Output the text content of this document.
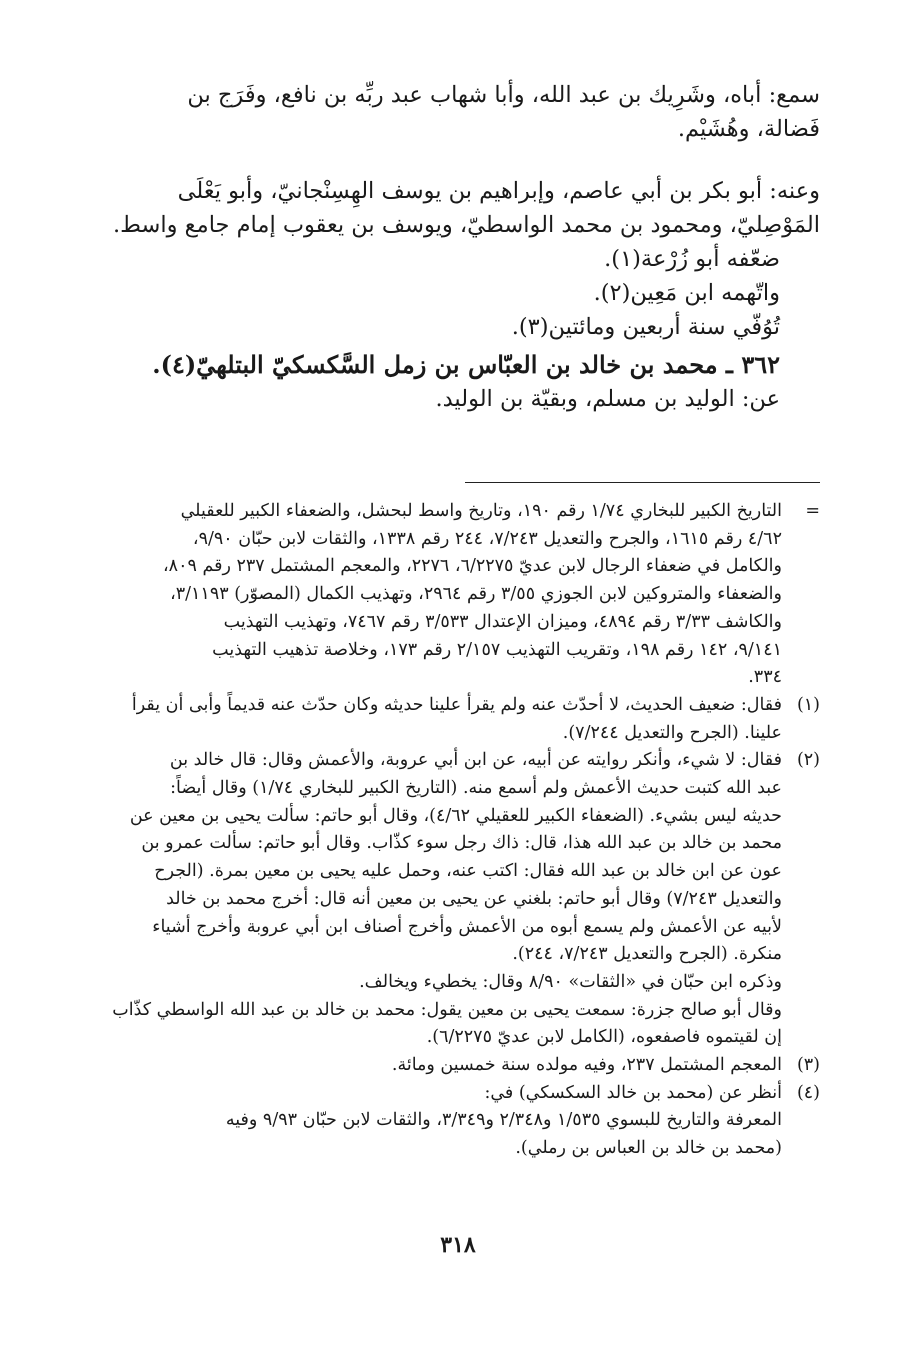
سمع: أباه، وشَرِيك بن عبد الله، وأبا شهاب عبد ربِّه بن نافع، وفَرَج بن
فَضالة، وهُشَيْم.

وعنه: أبو بكر بن أبي عاصم، وإبراهيم بن يوسف الهِسِنْجانيّ، وأبو يَعْلَى
المَوْصِليّ، ومحمود بن محمد الواسطيّ، ويوسف بن يعقوب إمام جامع واسط.

ضعّفه أبو زُرْعة(١).

واتّهمه ابن مَعِين(٢).

تُوُفّي سنة أربعين ومائتين(٣).

٣٦٢ ـ محمد بن خالد بن العبّاس بن زمل السَّكسكيّ البتلهيّ(٤).

عن: الوليد بن مسلم، وبقيّة بن الوليد.

=
التاريخ الكبير للبخاري ١/٧٤ رقم ١٩٠، وتاريخ واسط لبحشل، والضعفاء الكبير للعقيلي
٤/٦٢ رقم ١٦١٥، والجرح والتعديل ٧/٢٤٣، ٢٤٤ رقم ١٣٣٨، والثقات لابن حبّان ٩/٩٠،
والكامل في ضعفاء الرجال لابن عديّ ٦/٢٢٧٥، ٢٢٧٦، والمعجم المشتمل ٢٣٧ رقم ٨٠٩،
والضعفاء والمتروكين لابن الجوزي ٣/٥٥ رقم ٢٩٦٤، وتهذيب الكمال (المصوّر) ٣/١١٩٣،
والكاشف ٣/٣٣ رقم ٤٨٩٤، وميزان الإعتدال ٣/٥٣٣ رقم ٧٤٦٧، وتهذيب التهذيب
٩/١٤١، ١٤٢ رقم ١٩٨، وتقريب التهذيب ٢/١٥٧ رقم ١٧٣، وخلاصة تذهيب التهذيب
٣٣٤.
(١)
فقال: ضعيف الحديث، لا أحدّث عنه ولم يقرأ علينا حديثه وكان حدّث عنه قديماً وأبى أن يقرأ
علينا. (الجرح والتعديل ٧/٢٤٤).
(٢)
فقال: لا شيء، وأنكر روايته عن أبيه، عن ابن أبي عروبة، والأعمش وقال: قال خالد بن
عبد الله كتبت حديث الأعمش ولم أسمع منه. (التاريخ الكبير للبخاري ١/٧٤) وقال أيضاً:
حديثه ليس بشيء. (الضعفاء الكبير للعقيلي ٤/٦٢)، وقال أبو حاتم: سألت يحيى بن معين عن
محمد بن خالد بن عبد الله هذا، قال: ذاك رجل سوء كذّاب. وقال أبو حاتم: سألت عمرو بن
عون عن ابن خالد بن عبد الله فقال: اكتب عنه، وحمل عليه يحيى بن معين بمرة. (الجرح
والتعديل ٧/٢٤٣) وقال أبو حاتم: بلغني عن يحيى بن معين أنه قال: أخرج محمد بن خالد
لأبيه عن الأعمش ولم يسمع أبوه من الأعمش وأخرج أصناف ابن أبي عروبة وأخرج أشياء
منكرة. (الجرح والتعديل ٧/٢٤٣، ٢٤٤).

وذكره ابن حبّان في «الثقات» ٨/٩٠ وقال: يخطيء ويخالف.

وقال أبو صالح جزرة: سمعت يحيى بن معين يقول: محمد بن خالد بن عبد الله الواسطي كذّاب

إن لقيتموه فاصفعوه، (الكامل لابن عديّ ٦/٢٢٧٥).

(٣)
المعجم المشتمل ٢٣٧، وفيه مولده سنة خمسين ومائة.
(٤)
أنظر عن (محمد بن خالد السكسكي) في:

المعرفة والتاريخ للبسوي ١/٥٣٥ و٢/٣٤٨ و٣/٣٤٩، والثقات لابن حبّان ٩/٩٣ وفيه

(محمد بن خالد بن العباس بن رملي).

٣١٨
